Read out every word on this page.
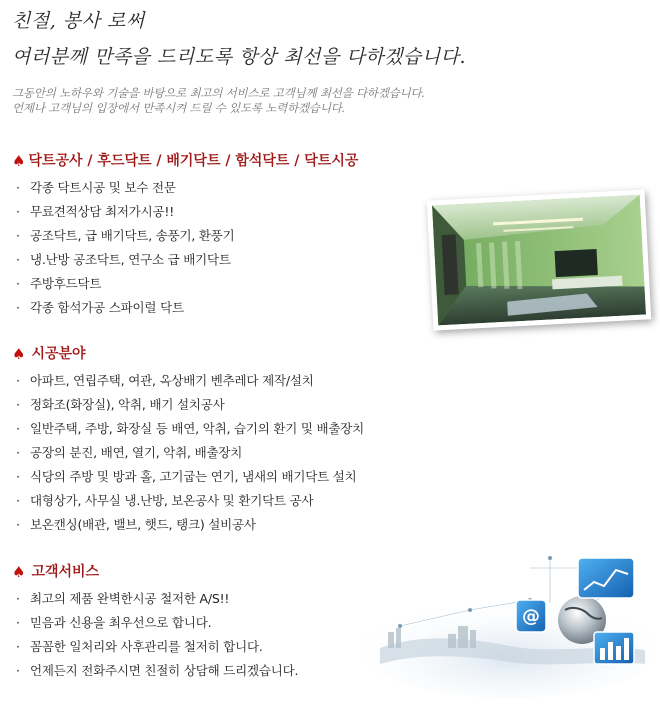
친절, 봉사 로써
여러분께 만족을 드리도록 항상 최선을 다하겠습니다.
그동안의 노하우와 기술을 바탕으로 최고의 서비스로 고객님께 최선을 다하겠습니다.
언제나 고객님의 입장에서 만족시켜 드릴 수 있도록 노력하겠습니다.
♠ 닥트공사 / 후드닥트 / 배기닥트 / 함석닥트 / 닥트시공
· 각종 닥트시공 및 보수 전문
· 무료견적상담 최저가시공!!
· 공조닥트, 급 배기닥트, 송풍기, 환풍기
· 냉.난방 공조닥트, 연구소 급 배기닥트
· 주방후드닥트
· 각종 함석가공 스파이럴 닥트
♠ 시공분야
· 아파트, 연립주택, 여관, 옥상배기 벤추레다 제작/설치
· 정화조(화장실), 악취, 배기 설치공사
· 일반주택, 주방, 화장실 등 배연, 악취, 습기의 환기 및 배출장치
· 공장의 분진, 배연, 열기, 악취, 배출장치
· 식당의 주방 및 방과 홀, 고기굽는 연기, 냄새의 배기닥트 설치
· 대형상가, 사무실 냉.난방, 보온공사 및 환기닥트 공사
· 보온캔싱(배관, 밸브, 햇드, 탱크) 설비공사
♠ 고객서비스
· 최고의 제품 완벽한시공 철저한 A/S!!
· 믿음과 신용을 최우선으로 합니다.
· 꼼꼼한 일처리와 사후관리를 철저히 합니다.
· 언제든지 전화주시면 친절히 상담해 드리겠습니다.
@
